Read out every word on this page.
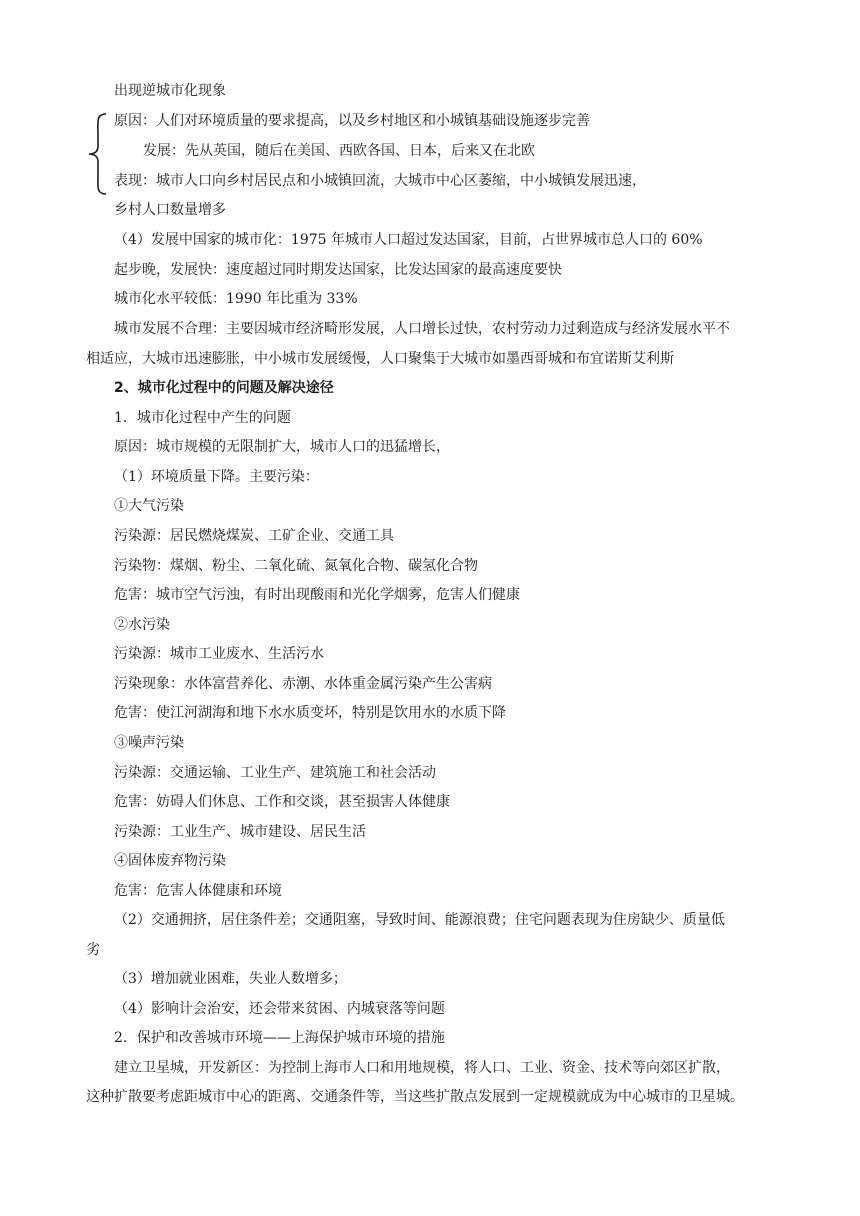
出现逆城市化现象
原因：人们对环境质量的要求提高，以及乡村地区和小城镇基础设施逐步完善
发展：先从英国，随后在美国、西欧各国、日本，后来又在北欧
表现：城市人口向乡村居民点和小城镇回流，大城市中心区萎缩，中小城镇发展迅速，
乡村人口数量增多
（4）发展中国家的城市化：1975 年城市人口超过发达国家，目前，占世界城市总人口的 60%
起步晚，发展快：速度超过同时期发达国家，比发达国家的最高速度要快
城市化水平较低：1990 年比重为 33%
城市发展不合理：主要因城市经济畸形发展，人口增长过快，农村劳动力过剩造成与经济发展水平不
相适应，大城市迅速膨胀，中小城市发展缓慢，人口聚集于大城市如墨西哥城和布宜诺斯艾利斯
2、城市化过程中的问题及解决途径
1．城市化过程中产生的问题
原因：城市规模的无限制扩大，城市人口的迅猛增长，
（1）环境质量下降。主要污染：
①大气污染
污染源：居民燃烧煤炭、工矿企业、交通工具
污染物：煤烟、粉尘、二氧化硫、氮氧化合物、碳氢化合物
危害：城市空气污浊，有时出现酸雨和光化学烟雾，危害人们健康
②水污染
污染源：城市工业废水、生活污水
污染现象：水体富营养化、赤潮、水体重金属污染产生公害病
危害：使江河湖海和地下水水质变坏，特别是饮用水的水质下降
③噪声污染
污染源：交通运输、工业生产、建筑施工和社会活动
危害：妨碍人们休息、工作和交谈，甚至损害人体健康
污染源：工业生产、城市建设、居民生活
④固体废弃物污染
危害：危害人体健康和环境
（2）交通拥挤，居住条件差；交通阻塞，导致时间、能源浪费；住宅问题表现为住房缺少、质量低
劣
（3）增加就业困难，失业人数增多；
（4）影响计会治安，还会带来贫困、内城衰落等问题
2．保护和改善城市环境——上海保护城市环境的措施
建立卫星城，开发新区：为控制上海市人口和用地规模，将人口、工业、资金、技术等向郊区扩散，
这种扩散要考虑距城市中心的距离、交通条件等，当这些扩散点发展到一定规模就成为中心城市的卫星城。
